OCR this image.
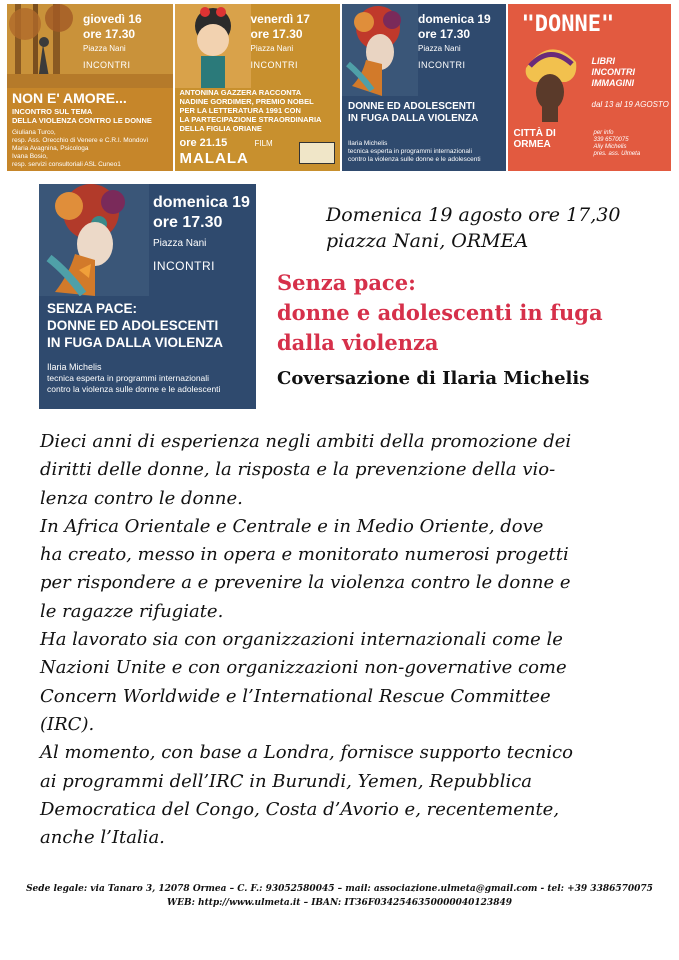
giovedì 16
ore 17.30
Piazza Nani
INCONTRI
NON E' AMORE...
INCONTRO SUL TEMA
DELLA VIOLENZA CONTRO LE DONNE
Giuliana Turco,
resp. Ass. Orecchio di Venere e C.R.I. Mondovì
Maria Avagnina, Psicologa
Ivana Bosio,
resp. servizi consultoriali ASL Cuneo1
venerdì 17
ore 17.30
Piazza Nani
INCONTRI
ANTONINA GAZZERA RACCONTA
NADINE GORDIMER, PREMIO NOBEL
PER LA LETTERATURA 1991 CON
LA PARTECIPAZIONE STRAORDINARIA
DELLA FIGLIA ORIANE
ore 21.15	FILM
MALALA
domenica 19
ore 17.30
Piazza Nani
INCONTRI
DONNE ED ADOLESCENTI
IN FUGA DALLA VIOLENZA
Ilaria Michelis
tecnica esperta in programmi internazionali
contro la violenza sulle donne e le adolescenti
"DONNE"
LIBRI
INCONTRI
IMMAGINI
dal 13 al 19 AGOSTO
CITTÀ DI
ORMEA
per info
339 6570075
Aliy Michelis
pres. ass. Ulmeta
domenica 19
ore 17.30
Piazza Nani
INCONTRI
SENZA PACE:
DONNE ED ADOLESCENTI
IN FUGA DALLA VIOLENZA
Ilaria Michelis
tecnica esperta in programmi internazionali
contro la violenza sulle donne e le adolescenti
Domenica 19 agosto ore 17,30
piazza Nani, ORMEA
Senza pace:
donne e adolescenti in fuga
dalla violenza
Coversazione di Ilaria Michelis

Dieci anni di esperienza negli ambiti della promozione dei

diritti delle donne, la risposta e la prevenzione della vio-

lenza contro le donne.

In Africa Orientale e Centrale e in Medio Oriente, dove

ha creato, messo in opera e monitorato numerosi progetti

per rispondere a e prevenire la violenza contro le donne e

le ragazze rifugiate.

Ha lavorato sia con organizzazioni internazionali come le

Nazioni Unite e con organizzazioni non-governative come

Concern Worldwide e l’International Rescue Committee

(IRC).

Al momento, con base a Londra, fornisce supporto tecnico

ai programmi dell’IRC in Burundi, Yemen, Repubblica

Democratica del Congo, Costa d’Avorio e, recentemente,

anche l’Italia.

Sede legale: via Tanaro 3, 12078 Ormea – C. F.: 93052580045 – mail: associazione.ulmeta@gmail.com - tel: +39 3386570075
WEB: http://www.ulmeta.it – IBAN: IT36F0342546350000040123849
